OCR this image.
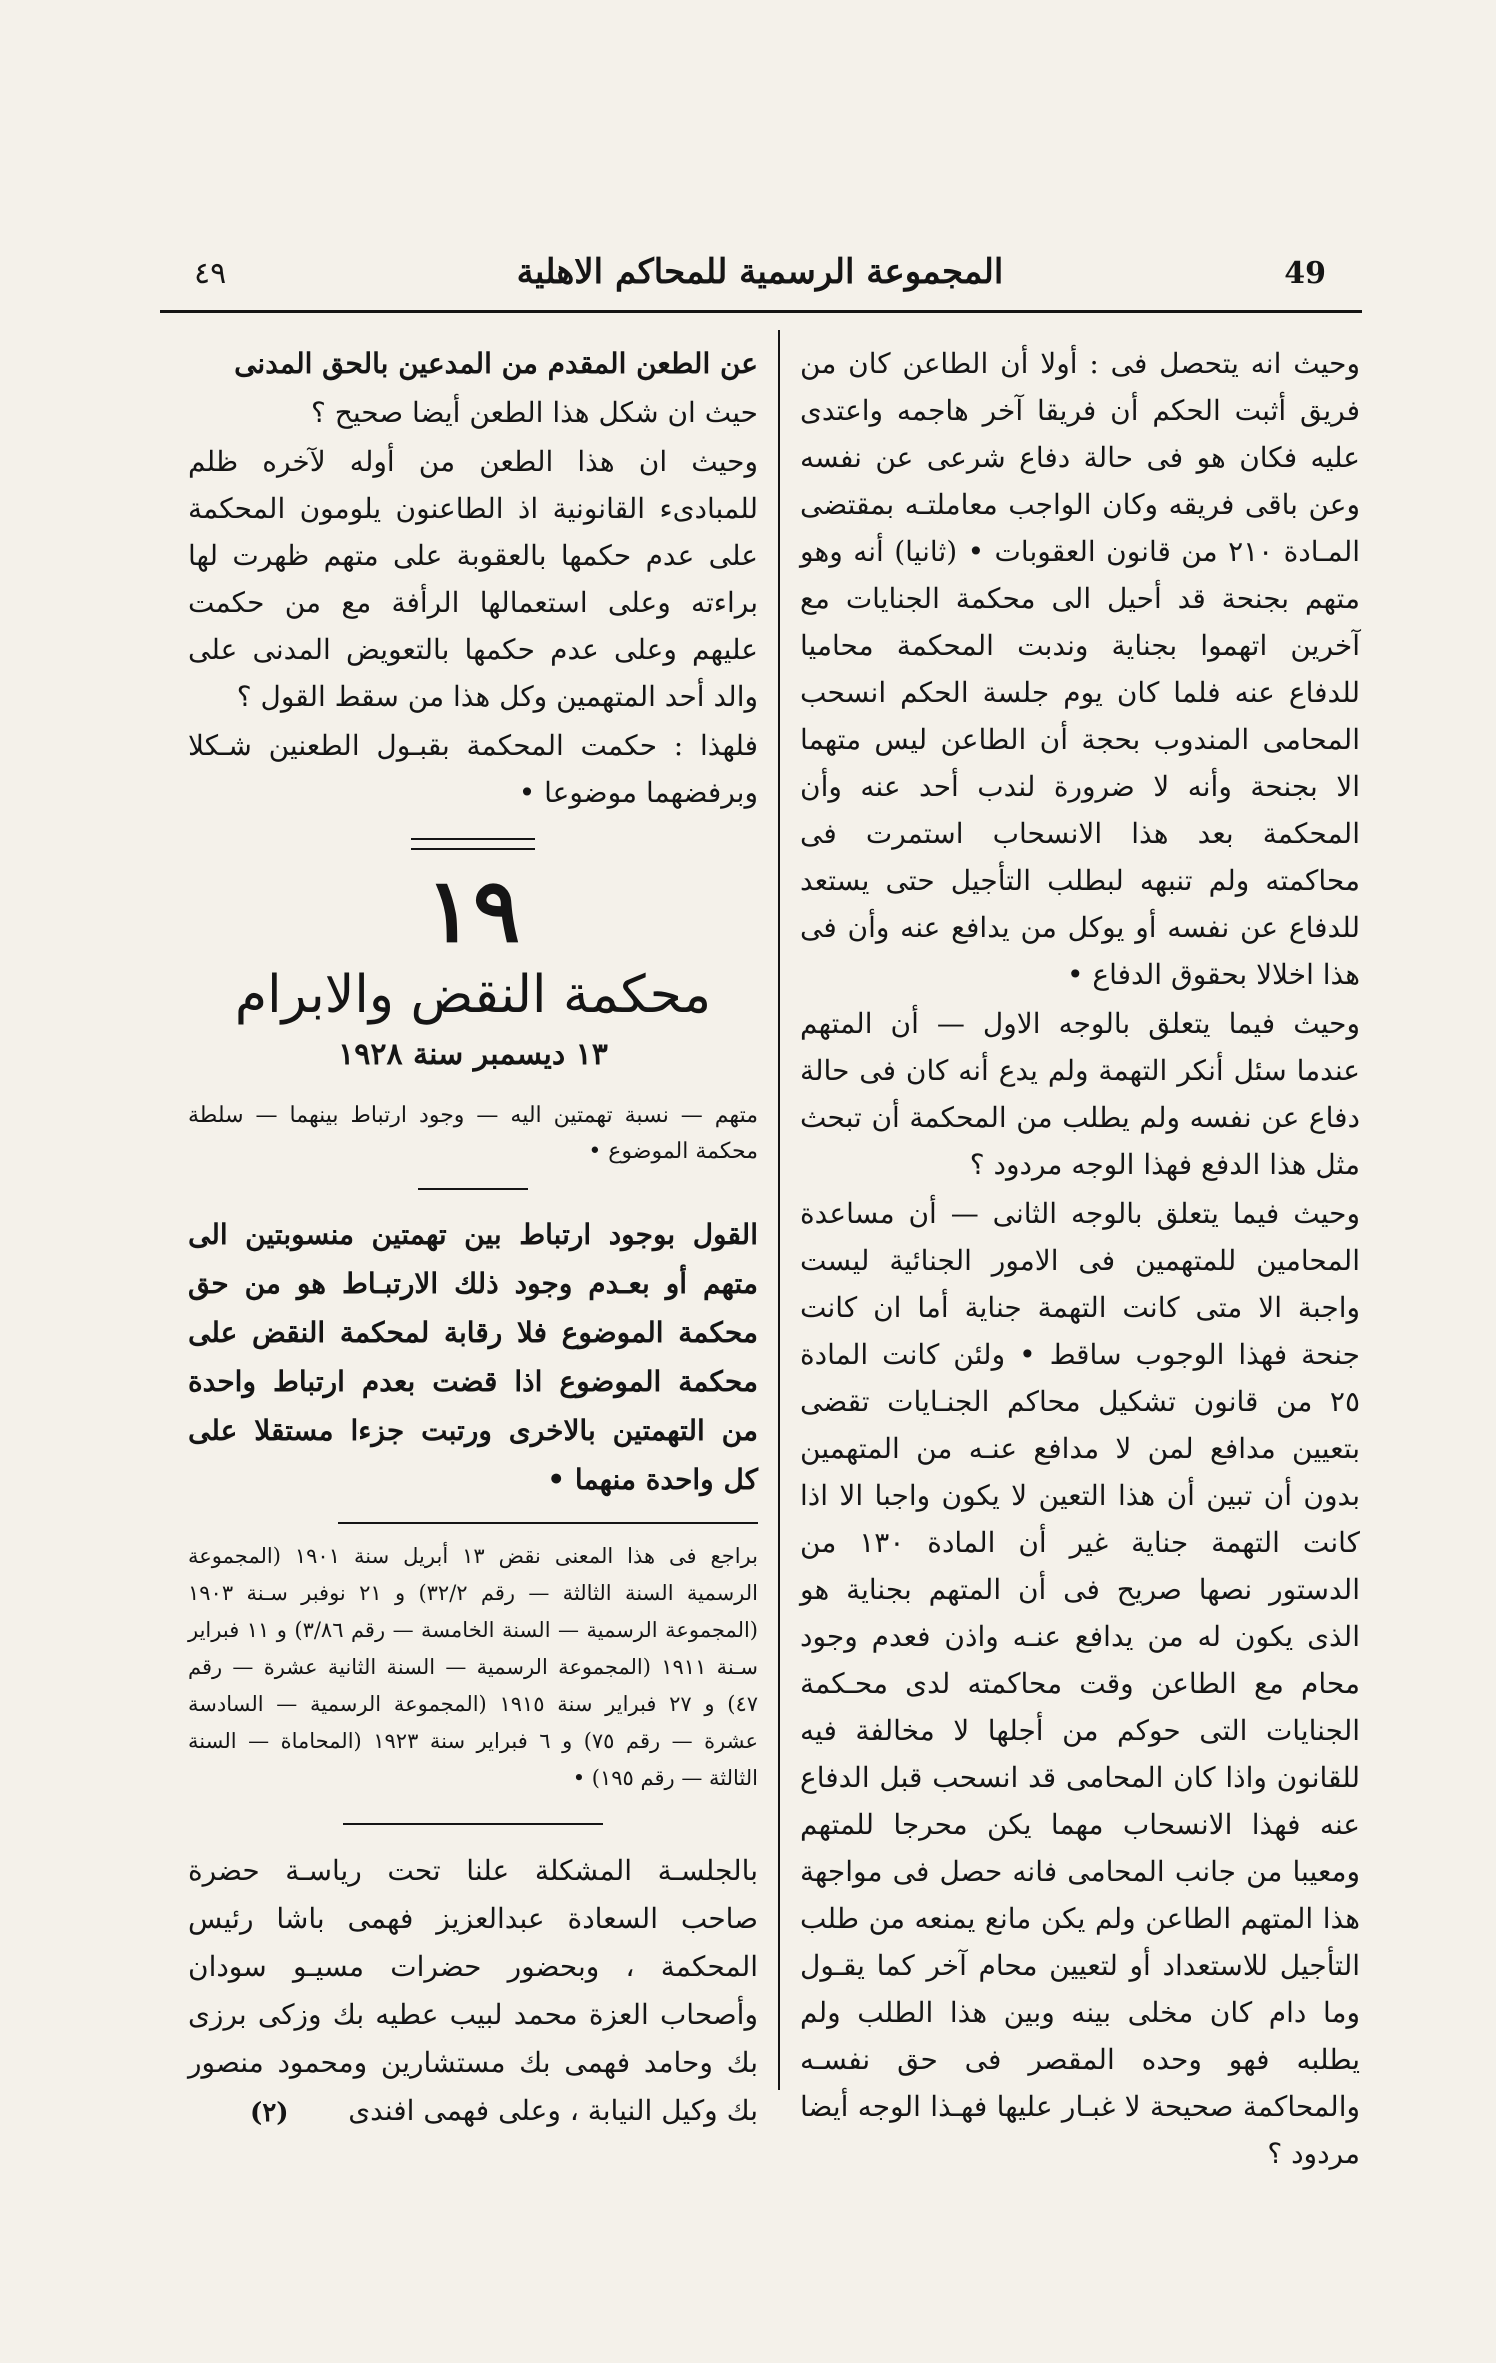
٤٩	المجموعة الرسمية للمحاكم الاهلية	49

وحيث انه يتحصل فى : أولا أن الطاعن كان من فريق أثبت الحكم أن فريقا آخر هاجمه واعتدى عليه فكان هو فى حالة دفاع شرعى عن نفسه وعن باقى فريقه وكان الواجب معاملتـه بمقتضى المـادة ٢١٠ من قانون العقوبات • (ثانيا) أنه وهو متهم بجنحة قد أحيل الى محكمة الجنايات مع آخرين اتهموا بجناية وندبت المحكمة محاميا للدفاع عنه فلما كان يوم جلسة الحكم انسحب المحامى المندوب بحجة أن الطاعن ليس متهما الا بجنحة وأنه لا ضرورة لندب أحد عنه وأن المحكمة بعد هذا الانسحاب استمرت فى محاكمته ولم تنبهه لبطلب التأجيل حتى يستعد للدفاع عن نفسه أو يوكل من يدافع عنه وأن فى هذا اخلالا بحقوق الدفاع •

وحيث فيما يتعلق بالوجه الاول — أن المتهم عندما سئل أنكر التهمة ولم يدع أنه كان فى حالة دفاع عن نفسه ولم يطلب من المحكمة أن تبحث مثل هذا الدفع فهذا الوجه مردود ؟

وحيث فيما يتعلق بالوجه الثانى — أن مساعدة المحامين للمتهمين فى الامور الجنائية ليست واجبة الا متى كانت التهمة جناية أما ان كانت جنحة فهذا الوجوب ساقط • ولئن كانت المادة ٢٥ من قانون تشكيل محاكم الجنـايات تقضى بتعيين مدافع لمن لا مدافع عنـه من المتهمين بدون أن تبين أن هذا التعين لا يكون واجبا الا اذا كانت التهمة جناية غير أن المادة ١٣٠ من الدستور نصها صريح فى أن المتهم بجناية هو الذى يكون له من يدافع عنـه واذن فعدم وجود محام مع الطاعن وقت محاكمته لدى محـكمة الجنايات التى حوكم من أجلها لا مخالفة فيه للقانون واذا كان المحامى قد انسحب قبل الدفاع عنه فهذا الانسحاب مهما يكن محرجا للمتهم ومعيبا من جانب المحامى فانه حصل فى مواجهة هذا المتهم الطاعن ولم يكن مانع يمنعه من طلب التأجيل للاستعداد أو لتعيين محام آخر كما يقـول وما دام كان مخلى بينه وبين هذا الطلب ولم يطلبه فهو وحده المقصر فى حق نفسـه والمحاكمة صحيحة لا غبـار عليها فهـذا الوجه أيضا مردود ؟

عن الطعن المقدم من المدعين بالحق المدنى

حيث ان شكل هذا الطعن أيضا صحيح ؟

وحيث ان هذا الطعن من أوله لآخره ظلم للمبادىء القانونية اذ الطاعنون يلومون المحكمة على عدم حكمها بالعقوبة على متهم ظهرت لها براءته وعلى استعمالها الرأفة مع من حكمت عليهم وعلى عدم حكمها بالتعويض المدنى على والد أحد المتهمين وكل هذا من سقط القول ؟

فلهذا : حكمت المحكمة بقبـول الطعنين شـكلا وبرفضهما موضوعا •

١٩

محكمة النقض والابرام

١٣ ديسمبر سنة ١٩٢٨

متهم — نسبة تهمتين اليه — وجود ارتباط بينهما — سلطة محكمة الموضوع •

القول بوجود ارتباط بين تهمتين منسوبتين الى متهم أو بعـدم وجود ذلك الارتبـاط هو من حق محكمة الموضوع فلا رقابة لمحكمة النقض على محكمة الموضوع اذا قضت بعدم ارتباط واحدة من التهمتين بالاخرى ورتبت جزءا مستقلا على كل واحدة منهما •

براجع فى هذا المعنى نقض ١٣ أبريل سنة ١٩٠١ (المجموعة الرسمية السنة الثالثة — رقم ٣٢/٢) و ٢١ نوفبر سـنة ١٩٠٣ (المجموعة الرسمية — السنة الخامسة — رقم ٣/٨٦) و ١١ فبراير سـنة ١٩١١ (المجموعة الرسمية — السنة الثانية عشرة — رقم ٤٧) و ٢٧ فبراير سنة ١٩١٥ (المجموعة الرسمية — السادسة عشرة — رقم ٧٥) و ٦ فبراير سنة ١٩٢٣ (المحاماة — السنة الثالثة — رقم ١٩٥) •

بالجلسـة المشكلة علنا تحت رياسـة حضرة صاحب السعادة عبدالعزيز فهمى باشا رئيس المحكمة ، وبحضور حضرات مسيـو سودان وأصحاب العزة محمد لبيب عطيه بك وزكى برزى بك وحامد فهمى بك مستشارين ومحمود منصور بك وكيل النيابة ، وعلى فهمى افندى

(٢)
